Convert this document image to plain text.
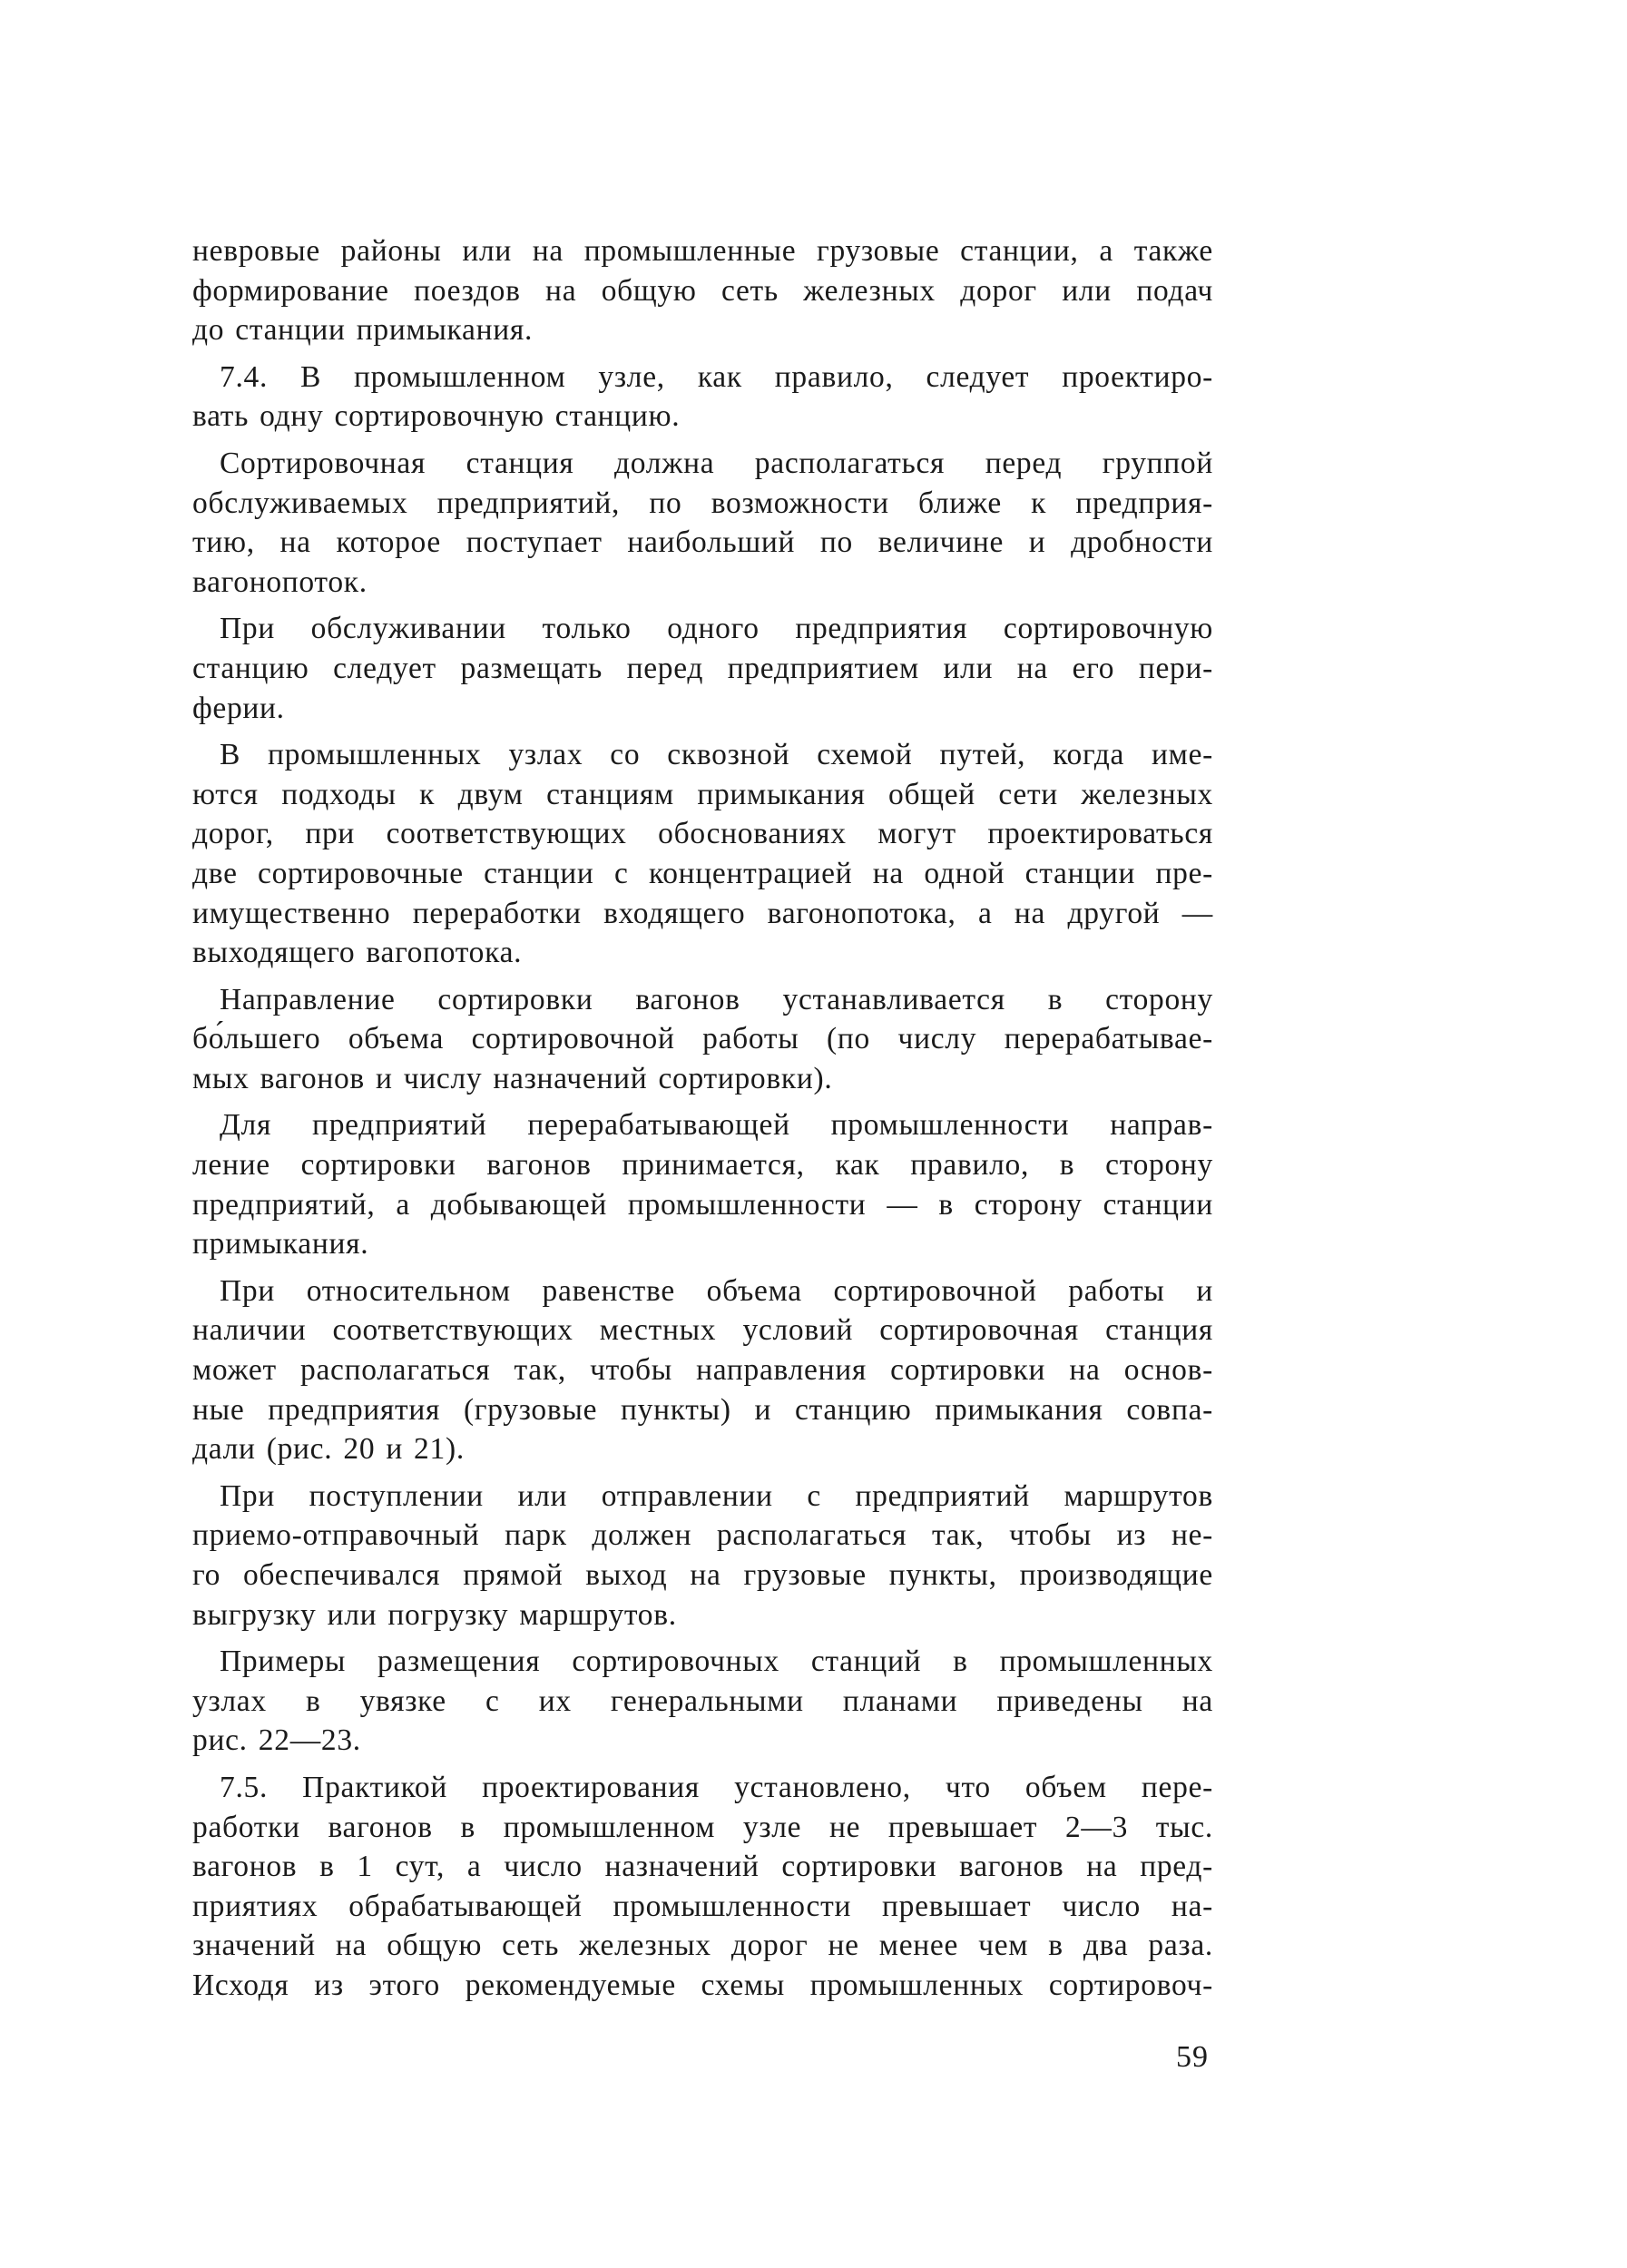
невровые районы или на промышленные грузовые станции, а также
формирование поездов на общую сеть железных дорог или подач
до станции примыкания.

7.4. В промышленном узле, как правило, следует проектиро-
вать одну сортировочную станцию.

Сортировочная станция должна располагаться перед группой
обслуживаемых предприятий, по возможности ближе к предприя-
тию, на которое поступает наибольший по величине и дробности
вагонопоток.

При обслуживании только одного предприятия сортировочную
станцию следует размещать перед предприятием или на его пери-
ферии.

В промышленных узлах со сквозной схемой путей, когда име-
ются подходы к двум станциям примыкания общей сети железных
дорог, при соответствующих обоснованиях могут проектироваться
две сортировочные станции с концентрацией на одной станции пре-
имущественно переработки входящего вагонопотока, а на другой —
выходящего вагопотока.

Направление сортировки вагонов устанавливается в сторону
бо́льшего объема сортировочной работы (по числу перерабатывае-
мых вагонов и числу назначений сортировки).

Для предприятий перерабатывающей промышленности направ-
ление сортировки вагонов принимается, как правило, в сторону
предприятий, а добывающей промышленности — в сторону станции
примыкания.

При относительном равенстве объема сортировочной работы и
наличии соответствующих местных условий сортировочная станция
может располагаться так, чтобы направления сортировки на основ-
ные предприятия (грузовые пункты) и станцию примыкания совпа-
дали (рис. 20 и 21).

При поступлении или отправлении с предприятий маршрутов
приемо-отправочный парк должен располагаться так, чтобы из не-
го обеспечивался прямой выход на грузовые пункты, производящие
выгрузку или погрузку маршрутов.

Примеры размещения сортировочных станций в промышленных
узлах в увязке с их генеральными планами приведены на
рис. 22—23.

7.5. Практикой проектирования установлено, что объем пере-
работки вагонов в промышленном узле не превышает 2—3 тыс.
вагонов в 1 сут, а число назначений сортировки вагонов на пред-
приятиях обрабатывающей промышленности превышает число на-
значений на общую сеть железных дорог не менее чем в два раза.
Исходя из этого рекомендуемые схемы промышленных сортировоч-

59
